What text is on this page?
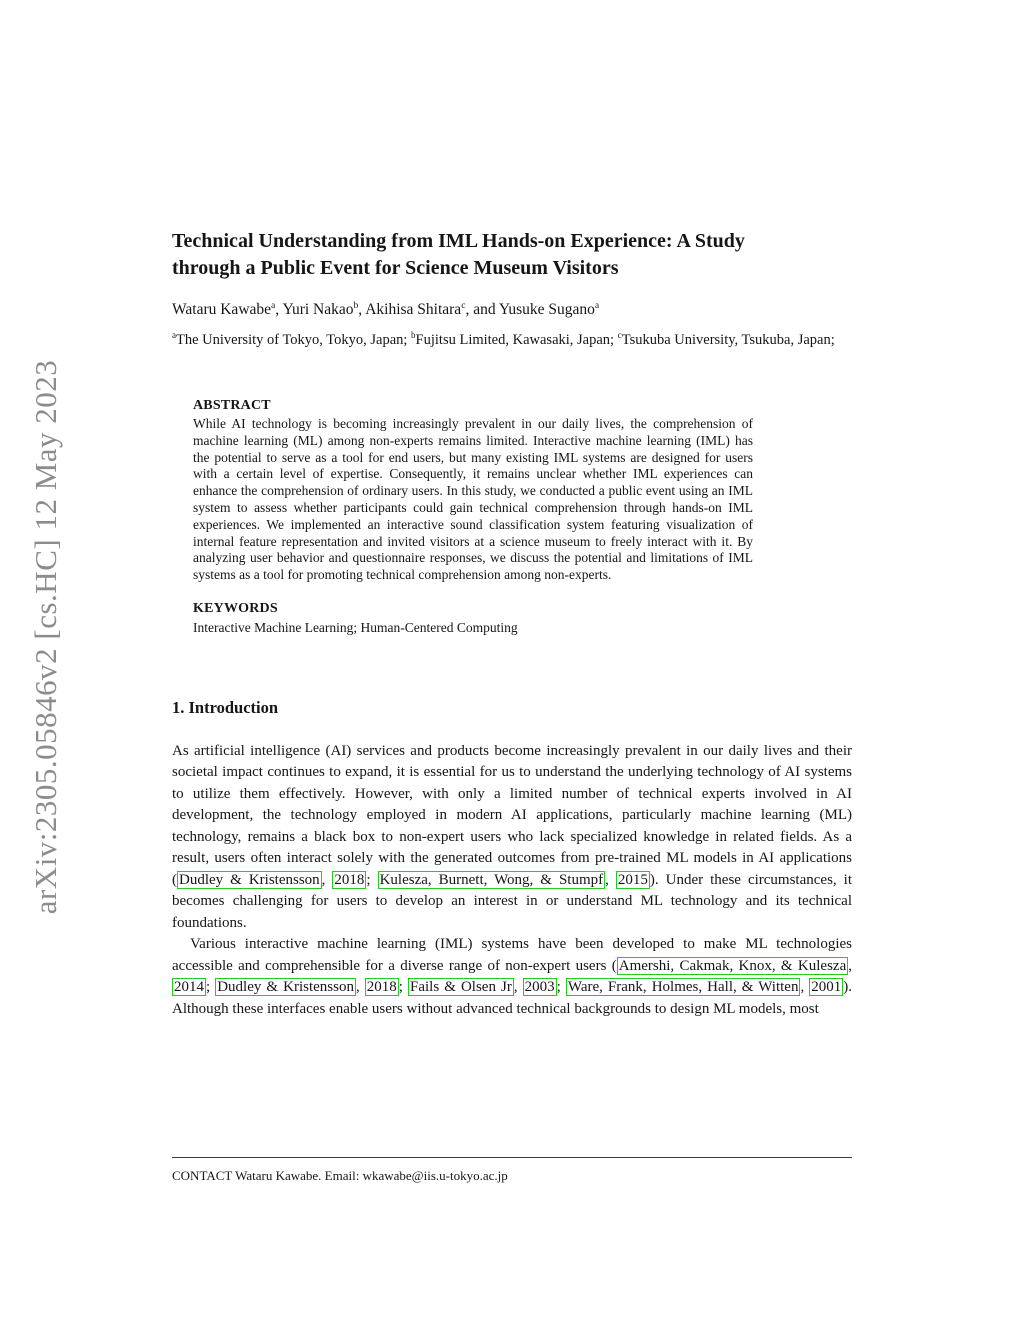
arXiv:2305.05846v2 [cs.HC] 12 May 2023
Technical Understanding from IML Hands-on Experience: A Study
through a Public Event for Science Museum Visitors
Wataru Kawabe$^a$, Yuri Nakao$^b$, Akihisa Shitara$^c$, and Yusuke Sugano$^a$
$^a$The University of Tokyo, Tokyo, Japan; $^b$Fujitsu Limited, Kawasaki, Japan; $^c$Tsukuba University, Tsukuba, Japan;
ABSTRACT
While AI technology is becoming increasingly prevalent in our daily lives, the comprehension of machine learning (ML) among non-experts remains limited. Interactive machine learning (IML) has the potential to serve as a tool for end users, but many existing IML systems are designed for users with a certain level of expertise. Consequently, it remains unclear whether IML experiences can enhance the comprehension of ordinary users. In this study, we conducted a public event using an IML system to assess whether participants could gain technical comprehension through hands-on IML experiences. We implemented an interactive sound classification system featuring visualization of internal feature representation and invited visitors at a science museum to freely interact with it. By analyzing user behavior and questionnaire responses, we discuss the potential and limitations of IML systems as a tool for promoting technical comprehension among non-experts.
KEYWORDS
Interactive Machine Learning; Human-Centered Computing
1. Introduction

As artificial intelligence (AI) services and products become increasingly prevalent in our daily lives and their societal impact continues to expand, it is essential for us to understand the underlying technology of AI systems to utilize them effectively. However, with only a limited number of technical experts involved in AI development, the technology employed in modern AI applications, particularly machine learning (ML) technology, remains a black box to non-expert users who lack specialized knowledge in related fields. As a result, users often interact solely with the generated outcomes from pre-trained ML models in AI applications ( Dudley & Kristensson , 2018 ; Kulesza, Burnett, Wong, & Stumpf , 2015 ). Under these circumstances, it becomes challenging for users to develop an interest in or understand ML technology and its technical foundations.

Various interactive machine learning (IML) systems have been developed to make ML technologies accessible and comprehensible for a diverse range of non-expert users ( Amershi, Cakmak, Knox, & Kulesza , 2014 ; Dudley & Kristensson , 2018 ; Fails & Olsen Jr , 2003 ; Ware, Frank, Holmes, Hall, & Witten , 2001 ). Although these interfaces enable users without advanced technical backgrounds to design ML models, most

CONTACT Wataru Kawabe. Email: wkawabe@iis.u-tokyo.ac.jp
